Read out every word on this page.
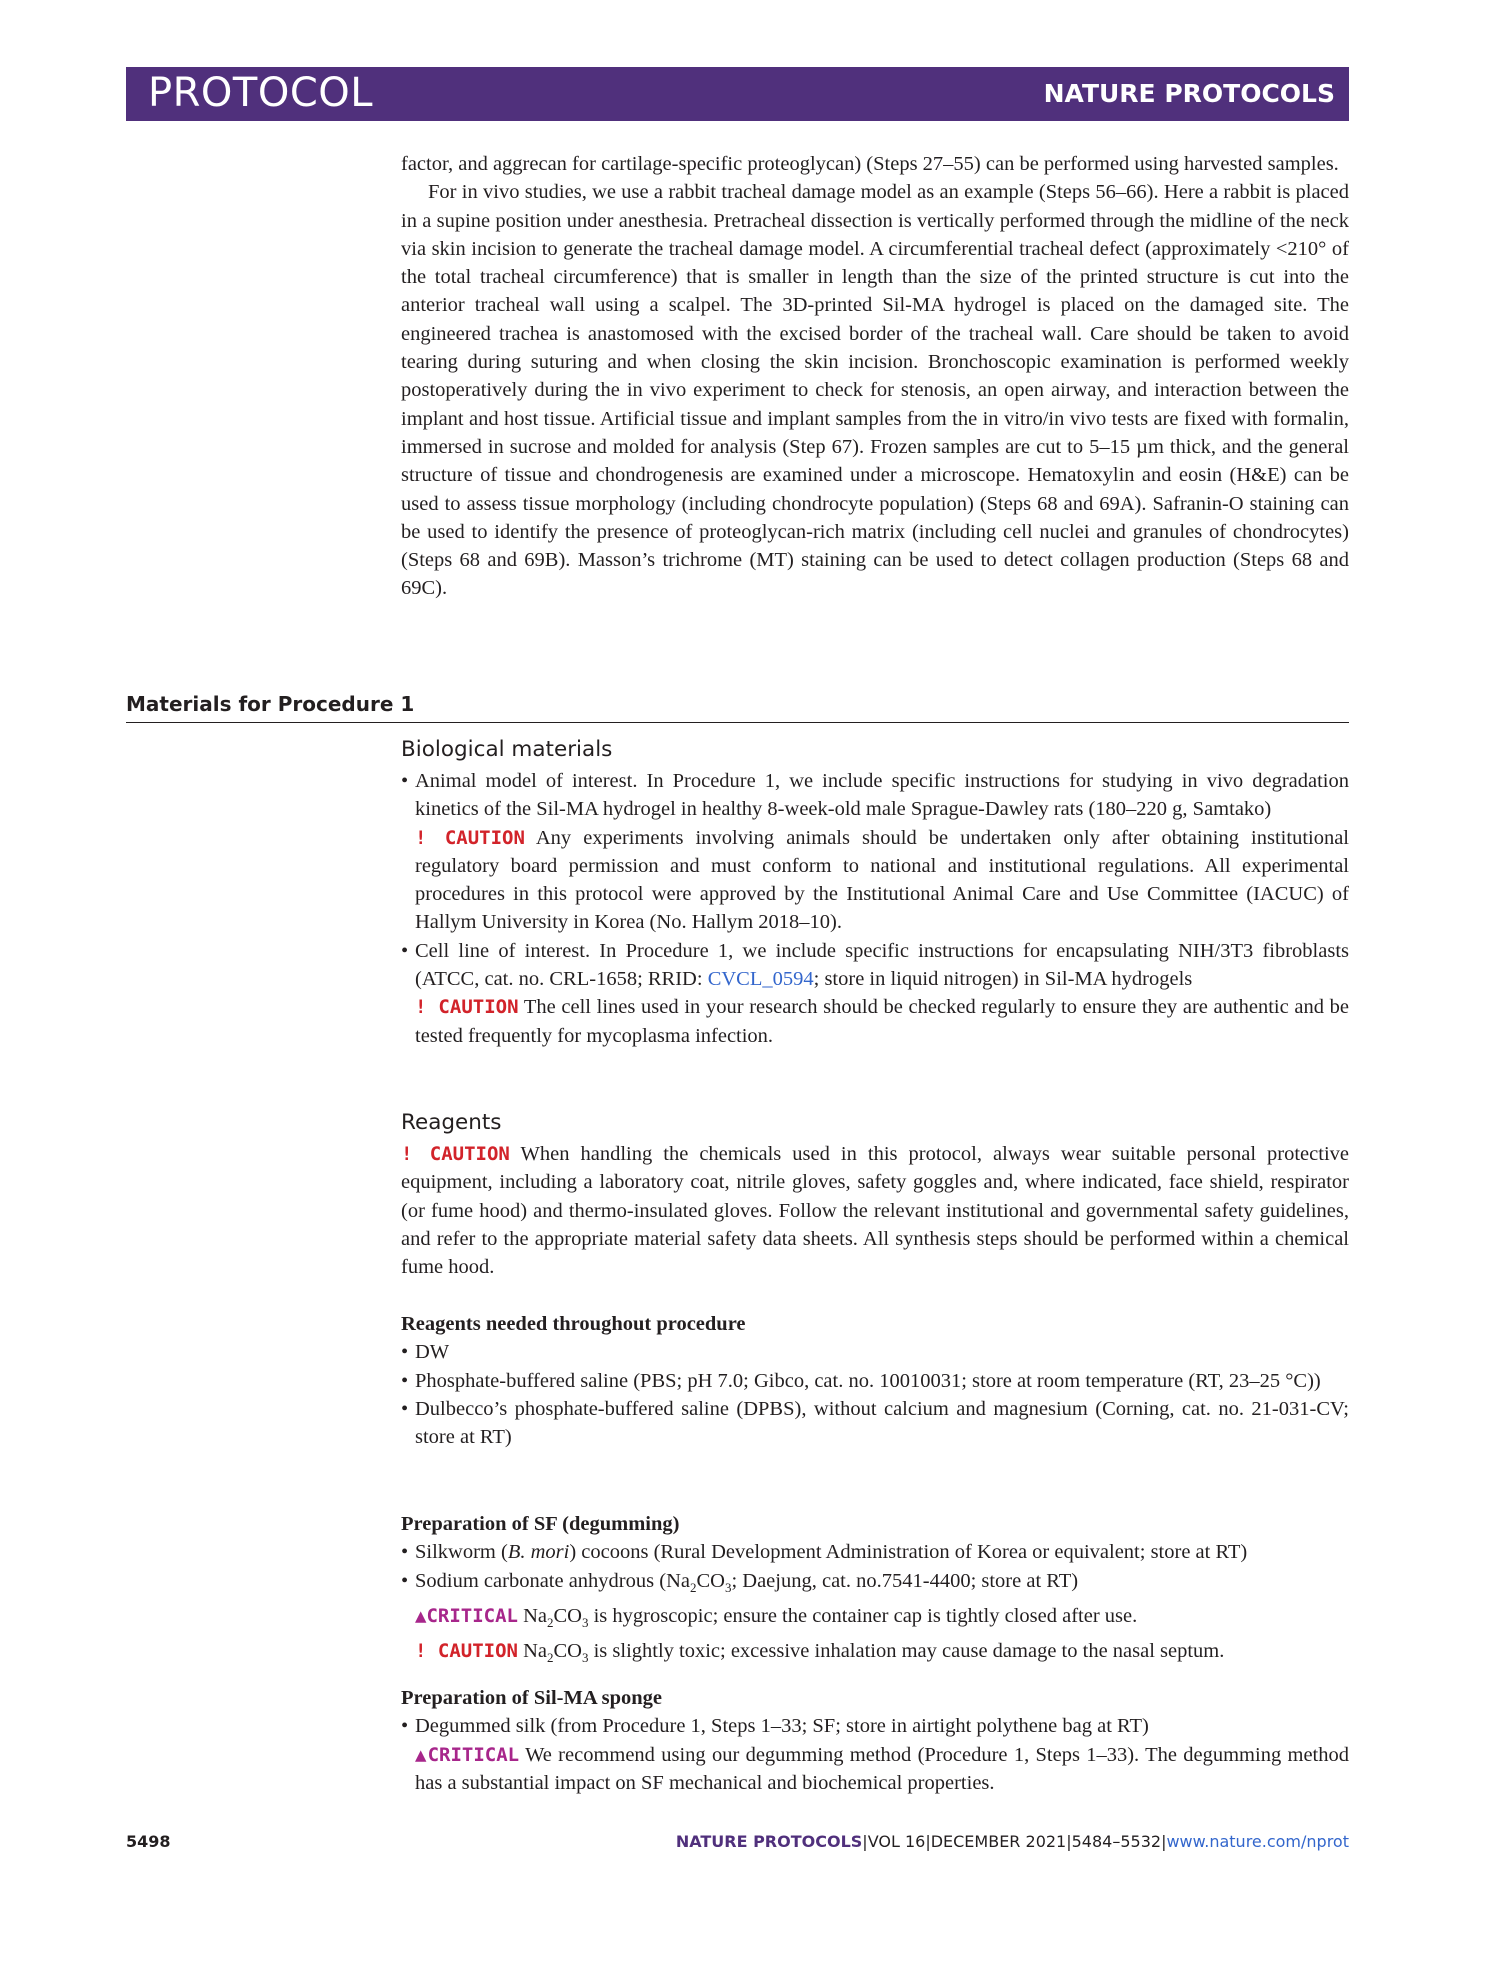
PROTOCOL	NATURE PROTOCOLS

factor, and aggrecan for cartilage-specific proteoglycan) (Steps 27–55) can be performed using harvested samples.

For in vivo studies, we use a rabbit tracheal damage model as an example (Steps 56–66). Here a rabbit is placed in a supine position under anesthesia. Pretracheal dissection is vertically performed through the midline of the neck via skin incision to generate the tracheal damage model. A circumferential tracheal defect (approximately <210° of the total tracheal circumference) that is smaller in length than the size of the printed structure is cut into the anterior tracheal wall using a scalpel. The 3D-printed Sil-MA hydrogel is placed on the damaged site. The engineered trachea is anastomosed with the excised border of the tracheal wall. Care should be taken to avoid tearing during suturing and when closing the skin incision. Bronchoscopic examination is performed weekly postoperatively during the in vivo experiment to check for stenosis, an open airway, and interaction between the implant and host tissue. Artificial tissue and implant samples from the in vitro/in vivo tests are fixed with formalin, immersed in sucrose and molded for analysis (Step 67). Frozen samples are cut to 5–15 µm thick, and the general structure of tissue and chondrogenesis are examined under a microscope. Hematoxylin and eosin (H&E) can be used to assess tissue morphology (including chondrocyte population) (Steps 68 and 69A). Safranin-O staining can be used to identify the presence of proteoglycan-rich matrix (including cell nuclei and granules of chondrocytes) (Steps 68 and 69B). Masson’s trichrome (MT) staining can be used to detect collagen production (Steps 68 and 69C).

Materials for Procedure 1
Biological materials

• Animal model of interest. In Procedure 1, we include specific instructions for studying in vivo degradation kinetics of the Sil-MA hydrogel in healthy 8-week-old male Sprague-Dawley rats (180–220 g, Samtako)

! CAUTION Any experiments involving animals should be undertaken only after obtaining institutional regulatory board permission and must conform to national and institutional regulations. All experimental procedures in this protocol were approved by the Institutional Animal Care and Use Committee (IACUC) of Hallym University in Korea (No. Hallym 2018–10).

• Cell line of interest. In Procedure 1, we include specific instructions for encapsulating NIH/3T3 fibroblasts (ATCC, cat. no. CRL-1658; RRID: CVCL_0594; store in liquid nitrogen) in Sil-MA hydrogels

! CAUTION The cell lines used in your research should be checked regularly to ensure they are authentic and be tested frequently for mycoplasma infection.

Reagents

! CAUTION When handling the chemicals used in this protocol, always wear suitable personal protective equipment, including a laboratory coat, nitrile gloves, safety goggles and, where indicated, face shield, respirator (or fume hood) and thermo-insulated gloves. Follow the relevant institutional and governmental safety guidelines, and refer to the appropriate material safety data sheets. All synthesis steps should be performed within a chemical fume hood.

Reagents needed throughout procedure

• DW

• Phosphate-buffered saline (PBS; pH 7.0; Gibco, cat. no. 10010031; store at room temperature (RT, 23–25 °C))

• Dulbecco’s phosphate-buffered saline (DPBS), without calcium and magnesium (Corning, cat. no. 21-031-CV; store at RT)

Preparation of SF (degumming)

• Silkworm (B. mori) cocoons (Rural Development Administration of Korea or equivalent; store at RT)

• Sodium carbonate anhydrous ($Na_2CO_3$; Daejung, cat. no.7541-4400; store at RT)

▲CRITICAL $Na_2CO_3$ is hygroscopic; ensure the container cap is tightly closed after use.

! CAUTION $Na_2CO_3$ is slightly toxic; excessive inhalation may cause damage to the nasal septum.

Preparation of Sil-MA sponge

• Degummed silk (from Procedure 1, Steps 1–33; SF; store in airtight polythene bag at RT)

▲CRITICAL We recommend using our degumming method (Procedure 1, Steps 1–33). The degumming method has a substantial impact on SF mechanical and biochemical properties.

5498	NATURE PROTOCOLS|VOL 16|DECEMBER 2021|5484–5532|www.nature.com/nprot
